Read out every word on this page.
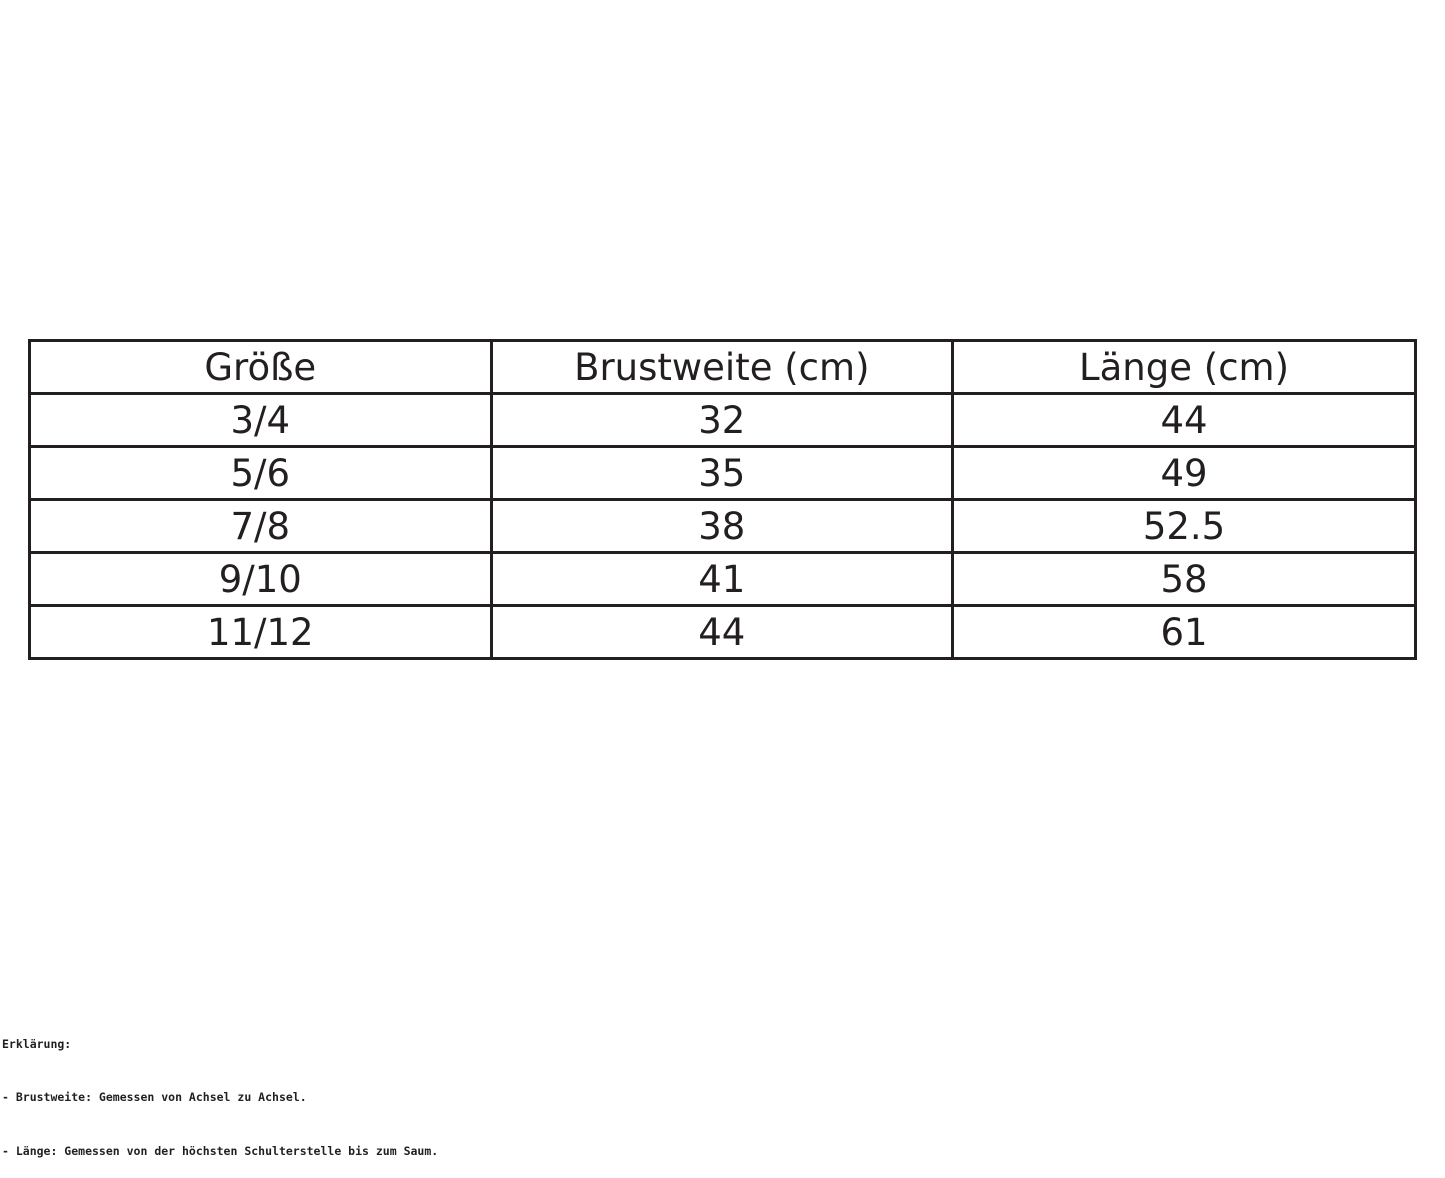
Größe	Brustweite (cm)	Länge (cm)
3/4	32	44
5/6	35	49
7/8	38	52.5
9/10	41	58
11/12	44	61

Erklärung:

- Brustweite: Gemessen von Achsel zu Achsel.

- Länge: Gemessen von der höchsten Schulterstelle bis zum Saum.
